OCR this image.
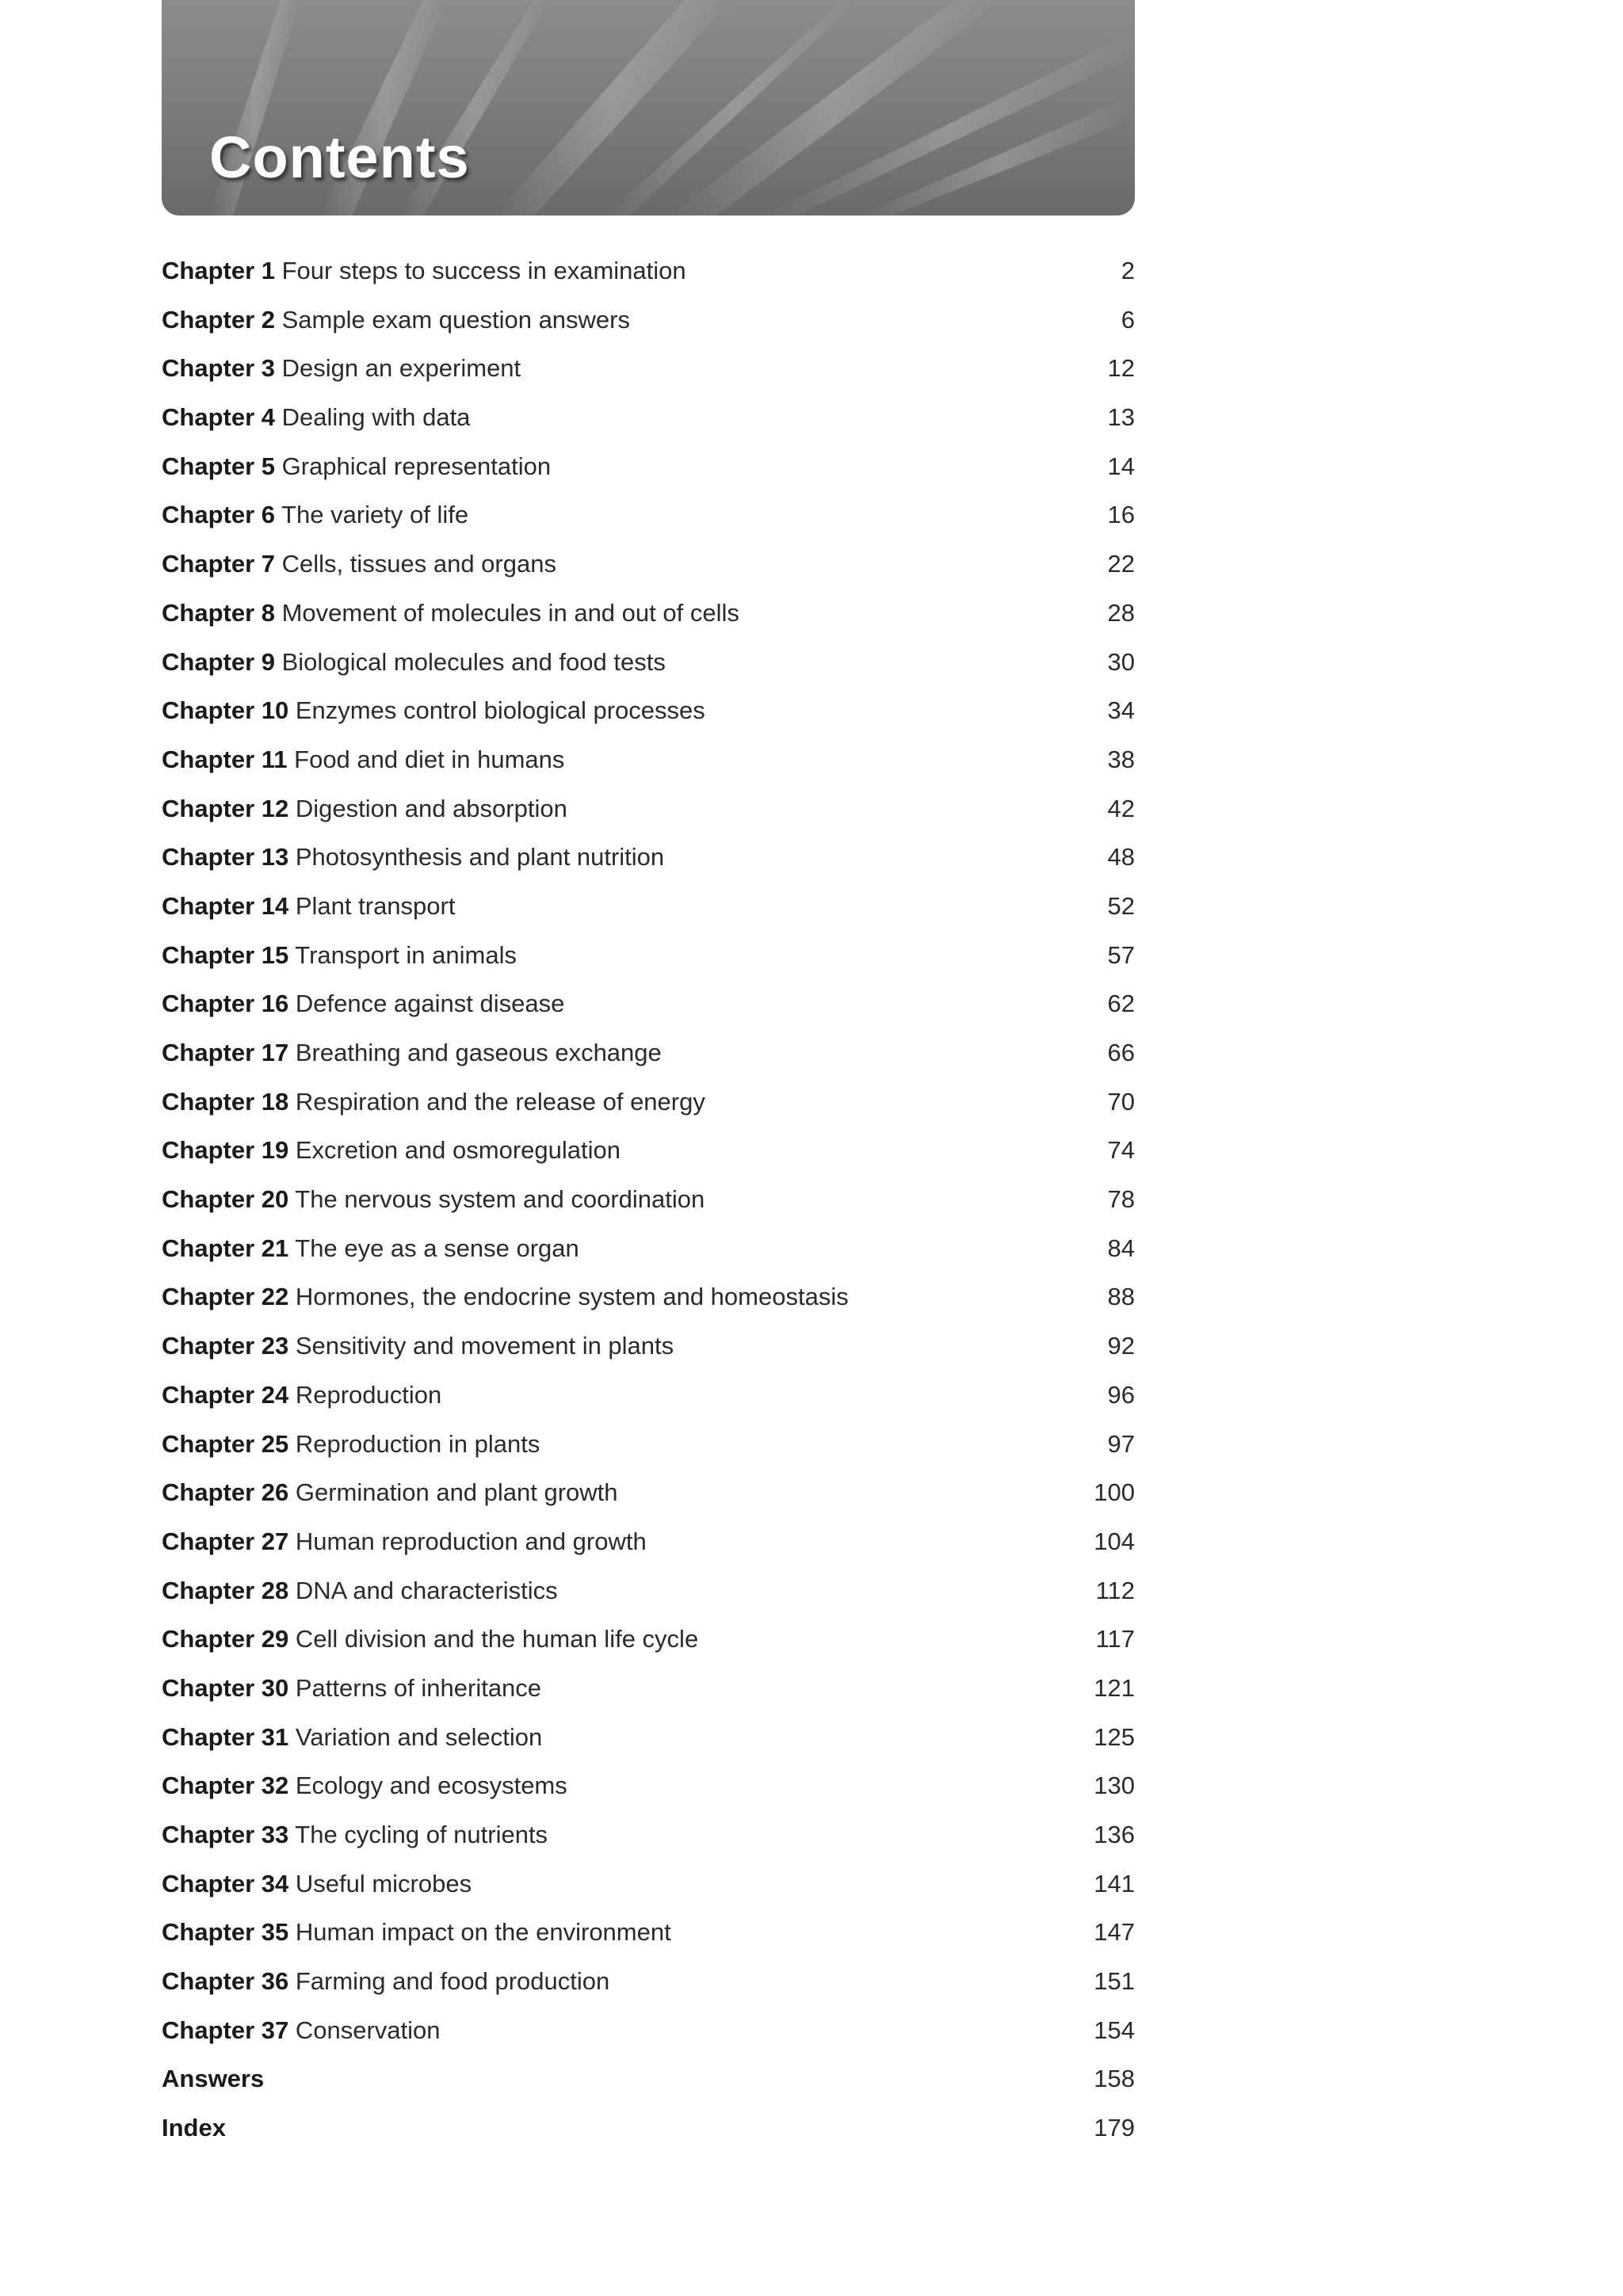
Contents
Chapter 1 Four steps to success in examination	2
Chapter 2 Sample exam question answers	6
Chapter 3 Design an experiment	12
Chapter 4 Dealing with data	13
Chapter 5 Graphical representation	14
Chapter 6 The variety of life	16
Chapter 7 Cells, tissues and organs	22
Chapter 8 Movement of molecules in and out of cells	28
Chapter 9 Biological molecules and food tests	30
Chapter 10 Enzymes control biological processes	34
Chapter 11 Food and diet in humans	38
Chapter 12 Digestion and absorption	42
Chapter 13 Photosynthesis and plant nutrition	48
Chapter 14 Plant transport	52
Chapter 15 Transport in animals	57
Chapter 16 Defence against disease	62
Chapter 17 Breathing and gaseous exchange	66
Chapter 18 Respiration and the release of energy	70
Chapter 19 Excretion and osmoregulation	74
Chapter 20 The nervous system and coordination	78
Chapter 21 The eye as a sense organ	84
Chapter 22 Hormones, the endocrine system and homeostasis	88
Chapter 23 Sensitivity and movement in plants	92
Chapter 24 Reproduction	96
Chapter 25 Reproduction in plants	97
Chapter 26 Germination and plant growth	100
Chapter 27 Human reproduction and growth	104
Chapter 28 DNA and characteristics	112
Chapter 29 Cell division and the human life cycle	117
Chapter 30 Patterns of inheritance	121
Chapter 31 Variation and selection	125
Chapter 32 Ecology and ecosystems	130
Chapter 33 The cycling of nutrients	136
Chapter 34 Useful microbes	141
Chapter 35 Human impact on the environment	147
Chapter 36 Farming and food production	151
Chapter 37 Conservation	154
Answers	158
Index	179
